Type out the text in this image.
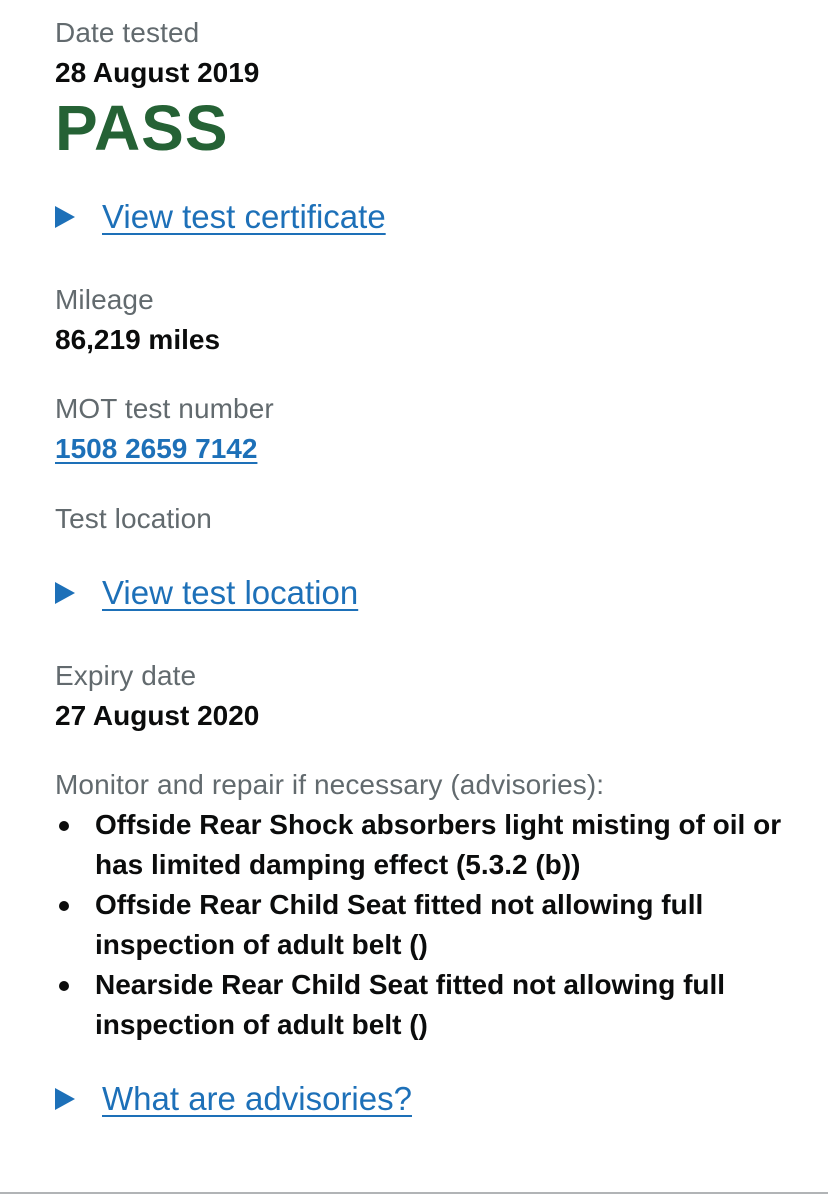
Date tested
28 August 2019
PASS
View test certificate
Mileage
86,219 miles
MOT test number
1508 2659 7142
Test location
View test location
Expiry date
27 August 2020
Monitor and repair if necessary (advisories):
Offside Rear Shock absorbers light misting of oil or has limited damping effect (5.3.2 (b))
Offside Rear Child Seat fitted not allowing full inspection of adult belt ()
Nearside Rear Child Seat fitted not allowing full inspection of adult belt ()
What are advisories?
